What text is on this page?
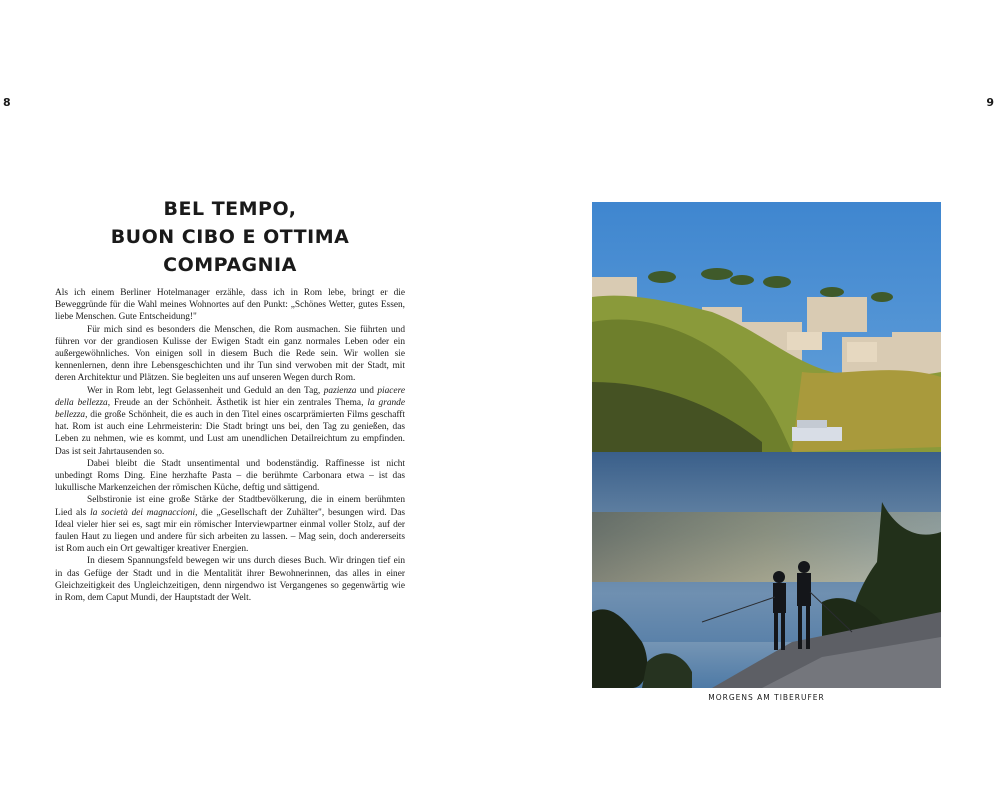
8	9
BEL TEMPO,
BUON CIBO E OTTIMA
COMPAGNIA

Als ich einem Berliner Hotelmanager erzähle, dass ich in Rom lebe, bringt er die Beweggründe für die Wahl meines Wohnortes auf den Punkt: „Schönes Wetter, gutes Essen, liebe Menschen. Gute Entscheidung!"

Für mich sind es besonders die Menschen, die Rom ausmachen. Sie führten und führen vor der grandiosen Kulisse der Ewigen Stadt ein ganz normales Leben oder ein außergewöhnliches. Von einigen soll in diesem Buch die Rede sein. Wir wollen sie kennenlernen, denn ihre Lebensgeschichten und ihr Tun sind verwoben mit der Stadt, mit deren Architektur und Plätzen. Sie begleiten uns auf unseren Wegen durch Rom.

Wer in Rom lebt, legt Gelassenheit und Geduld an den Tag, pazienza und piacere della bellezza, Freude an der Schönheit. Ästhetik ist hier ein zentrales Thema, la grande bellezza, die große Schönheit, die es auch in den Titel eines oscarprämierten Films geschafft hat. Rom ist auch eine Lehrmeisterin: Die Stadt bringt uns bei, den Tag zu genießen, das Leben zu nehmen, wie es kommt, und Lust am unendlichen Detailreichtum zu empfinden. Das ist seit Jahrtausenden so.

Dabei bleibt die Stadt unsentimental und bodenständig. Raffinesse ist nicht unbedingt Roms Ding. Eine herzhafte Pasta – die berühmte Carbonara etwa – ist das lukullische Markenzeichen der römischen Küche, deftig und sättigend.

Selbstironie ist eine große Stärke der Stadtbevölkerung, die in einem berühmten Lied als la società dei magnaccioni, die „Gesellschaft der Zuhälter", besungen wird. Das Ideal vieler hier sei es, sagt mir ein römischer Interviewpartner einmal voller Stolz, auf der faulen Haut zu liegen und andere für sich arbeiten zu lassen. – Mag sein, doch andererseits ist Rom auch ein Ort gewaltiger kreativer Energien.

In diesem Spannungsfeld bewegen wir uns durch dieses Buch. Wir dringen tief ein in das Gefüge der Stadt und in die Mentalität ihrer Bewohnerinnen, das alles in einer Gleichzeitigkeit des Ungleichzeitigen, denn nirgendwo ist Vergangenes so gegenwärtig wie in Rom, dem Caput Mundi, der Hauptstadt der Welt.

MORGENS AM TIBERUFER
